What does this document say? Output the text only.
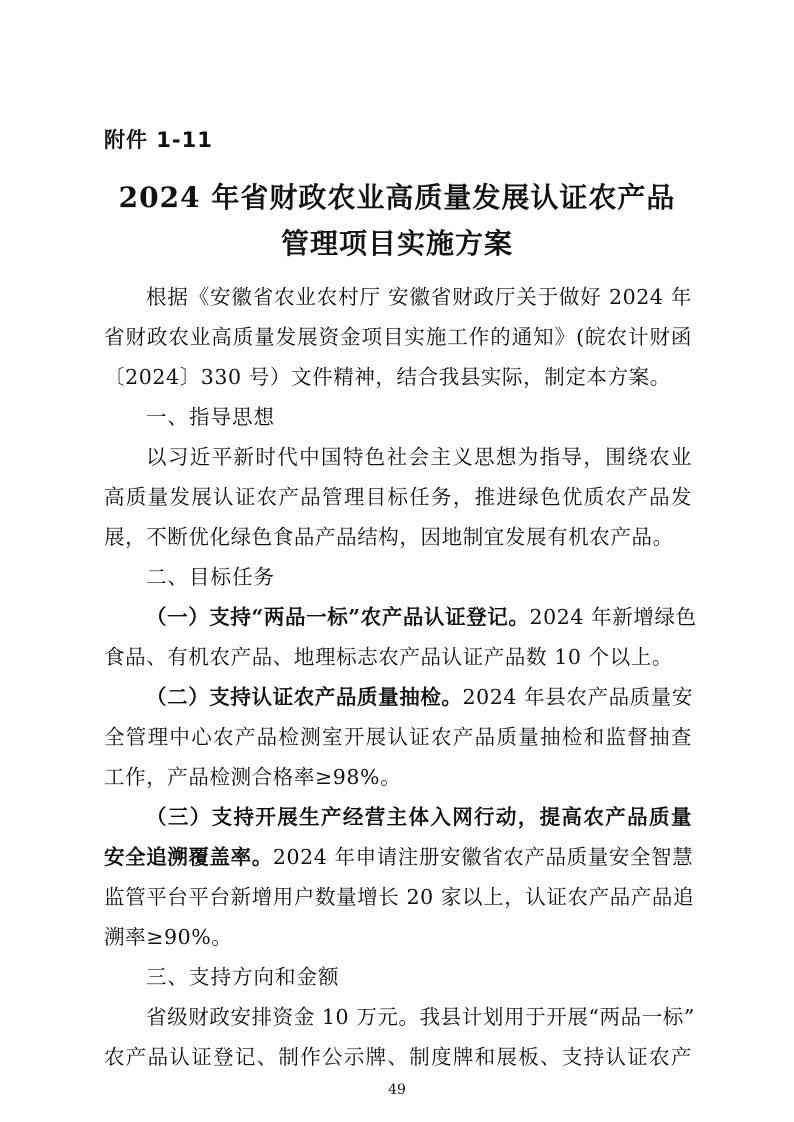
附件 1-11
2024 年省财政农业高质量发展认证农产品
管理项目实施方案
根据《安徽省农业农村厅 安徽省财政厅关于做好 2024 年
省财政农业高质量发展资金项目实施工作的通知》(皖农计财函
〔2024〕330 号）文件精神，结合我县实际，制定本方案。
一、指导思想
以习近平新时代中国特色社会主义思想为指导，围绕农业
高质量发展认证农产品管理目标任务，推进绿色优质农产品发
展，不断优化绿色食品产品结构，因地制宜发展有机农产品。
二、目标任务
（一）支持“两品一标”农产品认证登记。2024 年新增绿色
食品、有机农产品、地理标志农产品认证产品数 10 个以上。
（二）支持认证农产品质量抽检。2024 年县农产品质量安
全管理中心农产品检测室开展认证农产品质量抽检和监督抽查
工作，产品检测合格率≥98%。
（三）支持开展生产经营主体入网行动，提高农产品质量
安全追溯覆盖率。2024 年申请注册安徽省农产品质量安全智慧
监管平台平台新增用户数量增长 20 家以上，认证农产品产品追
溯率≥90%。
三、支持方向和金额
省级财政安排资金 10 万元。我县计划用于开展“两品一标”
农产品认证登记、制作公示牌、制度牌和展板、支持认证农产
49
